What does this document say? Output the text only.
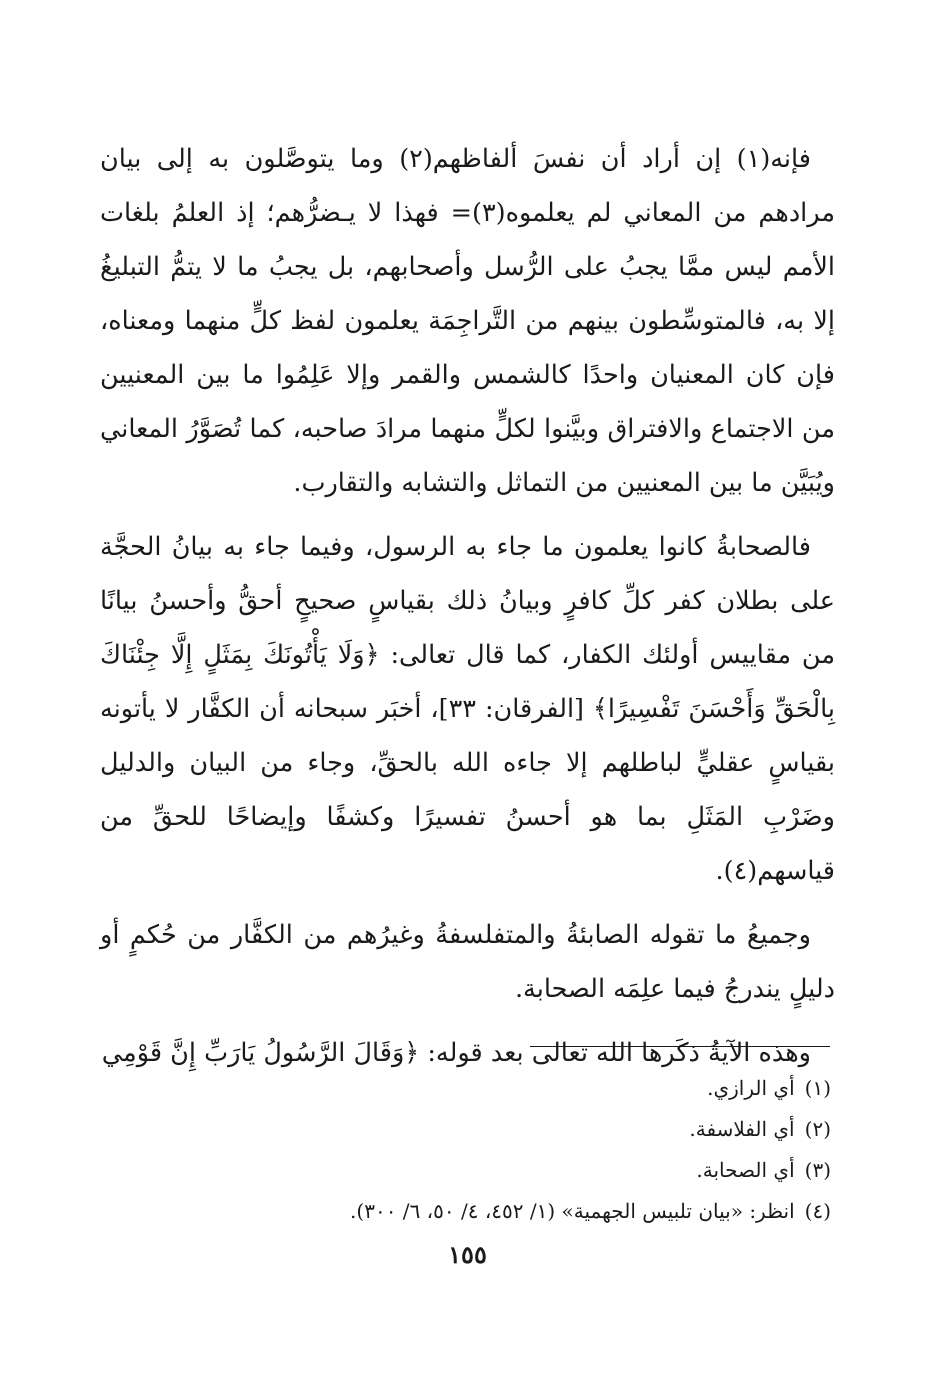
فإنه(١) إن أراد أن نفسَ ألفاظهم(٢) وما يتوصَّلون به إلى بيان مرادهم من المعاني لم يعلموه(٣)= فهذا لا يـضرُّهم؛ إذ العلمُ بلغات الأمم ليس ممَّا يجبُ على الرُّسل وأصحابهم، بل يجبُ ما لا يتمُّ التبليغُ إلا به، فالمتوسِّطون بينهم من التَّراجِمَة يعلمون لفظ كلٍّ منهما ومعناه، فإن كان المعنيان واحدًا كالشمس والقمر وإلا عَلِمُوا ما بين المعنيين من الاجتماع والافتراق وبيَّنوا لكلٍّ منهما مرادَ صاحبه، كما تُصَوَّرُ المعاني ويُبَيَّن ما بين المعنيين من التماثل والتشابه والتقارب.

فالصحابةُ كانوا يعلمون ما جاء به الرسول، وفيما جاء به بيانُ الحجَّة على بطلان كفر كلِّ كافرٍ وبيانُ ذلك بقياسٍ صحيحٍ أحقُّ وأحسنُ بيانًا من مقاييس أولئك الكفار، كما قال تعالى: ﴿وَلَا يَأْتُونَكَ بِمَثَلٍ إِلَّا جِئْنَاكَ بِالْحَقِّ وَأَحْسَنَ تَفْسِيرًا﴾ [الفرقان: ٣٣]، أخبَر سبحانه أن الكفَّار لا يأتونه بقياسٍ عقليٍّ لباطلهم إلا جاءه الله بالحقِّ، وجاء من البيان والدليل وضَرْبِ المَثَلِ بما هو أحسنُ تفسيرًا وكشفًا وإيضاحًا للحقِّ من قياسهم(٤).

وجميعُ ما تقوله الصابئةُ والمتفلسفةُ وغيرُهم من الكفَّار من حُكمٍ أو دليلٍ يندرجُ فيما علِمَه الصحابة.

وهذه الآيةُ ذكَرها الله تعالى بعد قوله: ﴿وَقَالَ الرَّسُولُ يَارَبِّ إِنَّ قَوْمِي

(١)أي الرازي.
(٢)أي الفلاسفة.
(٣)أي الصحابة.
(٤)انظر: «بيان تلبيس الجهمية» (١/ ٤٥٢، ٤/ ٥٠، ٦/ ٣٠٠).
١٥٥
